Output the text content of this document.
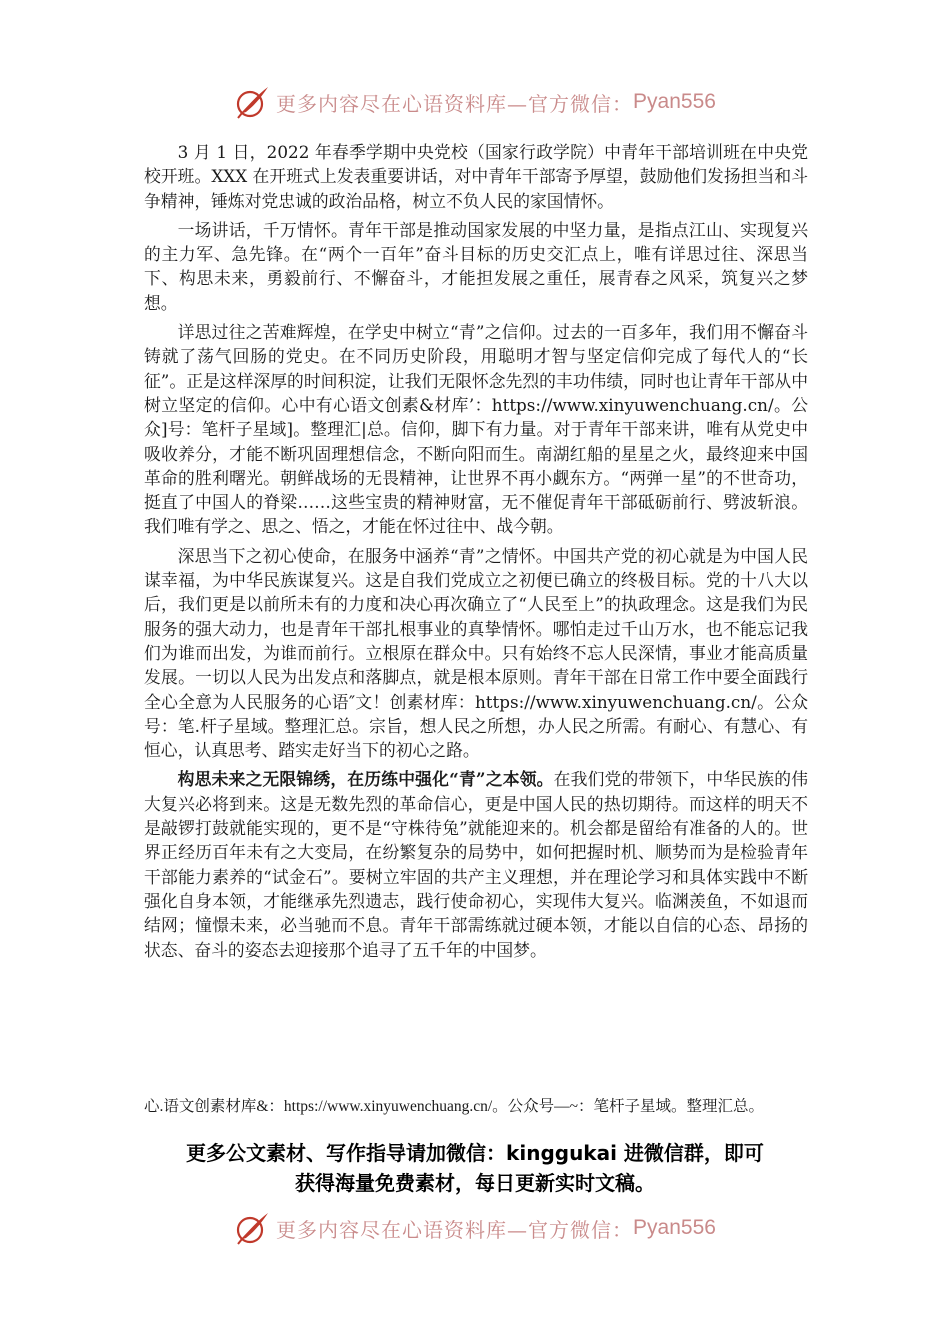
更多内容尽在心语资料库—官方微信： Pyan556

3 月 1 日，2022 年春季学期中央党校（国家行政学院）中青年干部培训班在中央党校开班。XXX 在开班式上发表重要讲话，对中青年干部寄予厚望，鼓励他们发扬担当和斗争精神，锤炼对党忠诚的政治品格，树立不负人民的家国情怀。

一场讲话，千万情怀。青年干部是推动国家发展的中坚力量，是指点江山、实现复兴的主力军、急先锋。在“两个一百年”奋斗目标的历史交汇点上，唯有详思过往、深思当下、构思未来，勇毅前行、不懈奋斗，才能担发展之重任，展青春之风采，筑复兴之梦想。

详思过往之苦难辉煌，在学史中树立“青”之信仰。过去的一百多年，我们用不懈奋斗铸就了荡气回肠的党史。在不同历史阶段，用聪明才智与坚定信仰完成了每代人的“长征”。正是这样深厚的时间积淀，让我们无限怀念先烈的丰功伟绩，同时也让青年干部从中树立坚定的信仰。心中有心语文创素&材库’：https://www.xinyuwenchuang.cn/。公众]号：笔杆子星域]。整理汇|总。信仰，脚下有力量。对于青年干部来讲，唯有从党史中吸收养分，才能不断巩固理想信念，不断向阳而生。南湖红船的星星之火，最终迎来中国革命的胜利曙光。朝鲜战场的无畏精神，让世界不再小觑东方。“两弹一星”的不世奇功，挺直了中国人的脊梁……这些宝贵的精神财富，无不催促青年干部砥砺前行、劈波斩浪。我们唯有学之、思之、悟之，才能在怀过往中、战今朝。

深思当下之初心使命，在服务中涵养“青”之情怀。中国共产党的初心就是为中国人民谋幸福，为中华民族谋复兴。这是自我们党成立之初便已确立的终极目标。党的十八大以后，我们更是以前所未有的力度和决心再次确立了“人民至上”的执政理念。这是我们为民服务的强大动力，也是青年干部扎根事业的真挚情怀。哪怕走过千山万水，也不能忘记我们为谁而出发，为谁而前行。立根原在群众中。只有始终不忘人民深情，事业才能高质量发展。一切以人民为出发点和落脚点，就是根本原则。青年干部在日常工作中要全面践行全心全意为人民服务的心语″文！创素材库：https://www.xinyuwenchuang.cn/。公众号：笔.杆子星域。整理汇总。宗旨，想人民之所想，办人民之所需。有耐心、有慧心、有恒心，认真思考、踏实走好当下的初心之路。

构思未来之无限锦绣，在历练中强化“青”之本领。在我们党的带领下，中华民族的伟大复兴必将到来。这是无数先烈的革命信心，更是中国人民的热切期待。而这样的明天不是敲锣打鼓就能实现的，更不是“守株待兔”就能迎来的。机会都是留给有准备的人的。世界正经历百年未有之大变局，在纷繁复杂的局势中，如何把握时机、顺势而为是检验青年干部能力素养的“试金石”。要树立牢固的共产主义理想，并在理论学习和具体实践中不断强化自身本领，才能继承先烈遗志，践行使命初心，实现伟大复兴。临渊羡鱼，不如退而结网；憧憬未来，必当驰而不息。青年干部需练就过硬本领，才能以自信的心态、昂扬的状态、奋斗的姿态去迎接那个追寻了五千年的中国梦。

心.语文创素材库&：https://www.xinyuwenchuang.cn/。公众号—~：笔杆子星域。整理汇总。
更多公文素材、写作指导请加微信：kinggukai 进微信群，即可
获得海量免费素材，每日更新实时文稿。
更多内容尽在心语资料库—官方微信： Pyan556
